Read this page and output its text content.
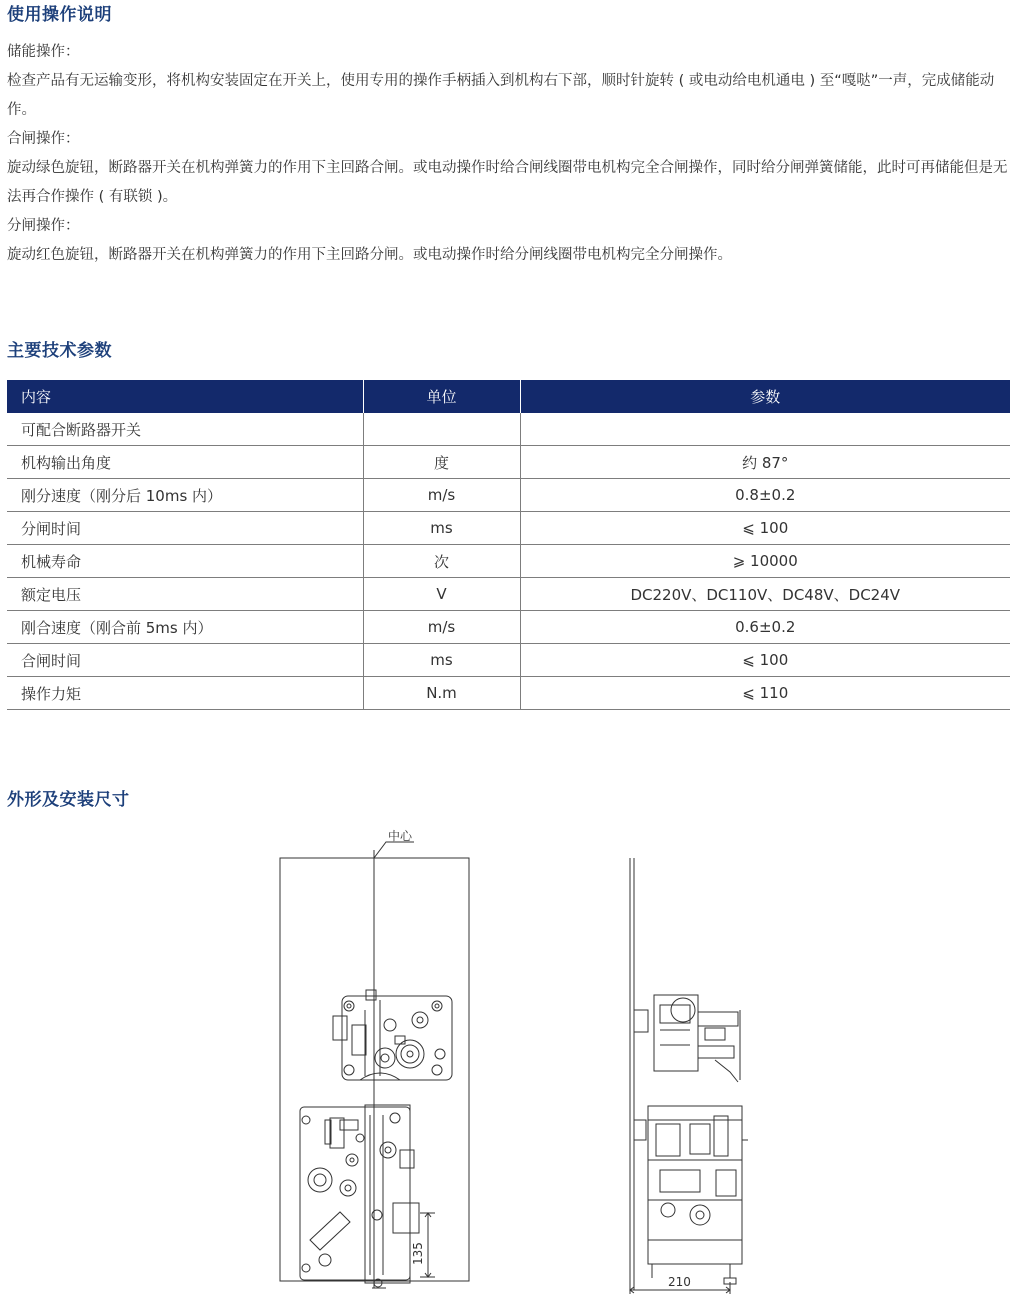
使用操作说明

储能操作：

检查产品有无运输变形，将机构安装固定在开关上，使用专用的操作手柄插入到机构右下部，顺时针旋转 ( 或电动给电机通电 ) 至“嘎哒”一声，完成储能动作。

合闸操作：

旋动绿色旋钮，断路器开关在机构弹簧力的作用下主回路合闸。或电动操作时给合闸线圈带电机构完全合闸操作，同时给分闸弹簧储能，此时可再储能但是无法再合作操作 ( 有联锁 )。

分闸操作：

旋动红色旋钮，断路器开关在机构弹簧力的作用下主回路分闸。或电动操作时给分闸线圈带电机构完全分闸操作。

主要技术参数
内容	单位	参数
可配合断路器开关		
机构输出角度	度	约 87°
刚分速度（刚分后 10ms 内）	m/s	0.8±0.2
分闸时间	ms	⩽ 100
机械寿命	次	⩾ 10000
额定电压	V	DC220V、DC110V、DC48V、DC24V
刚合速度（刚合前 5ms 内）	m/s	0.6±0.2
合闸时间	ms	⩽ 100
操作力矩	N.m	⩽ 110
外形及安装尺寸
中心
135
210
